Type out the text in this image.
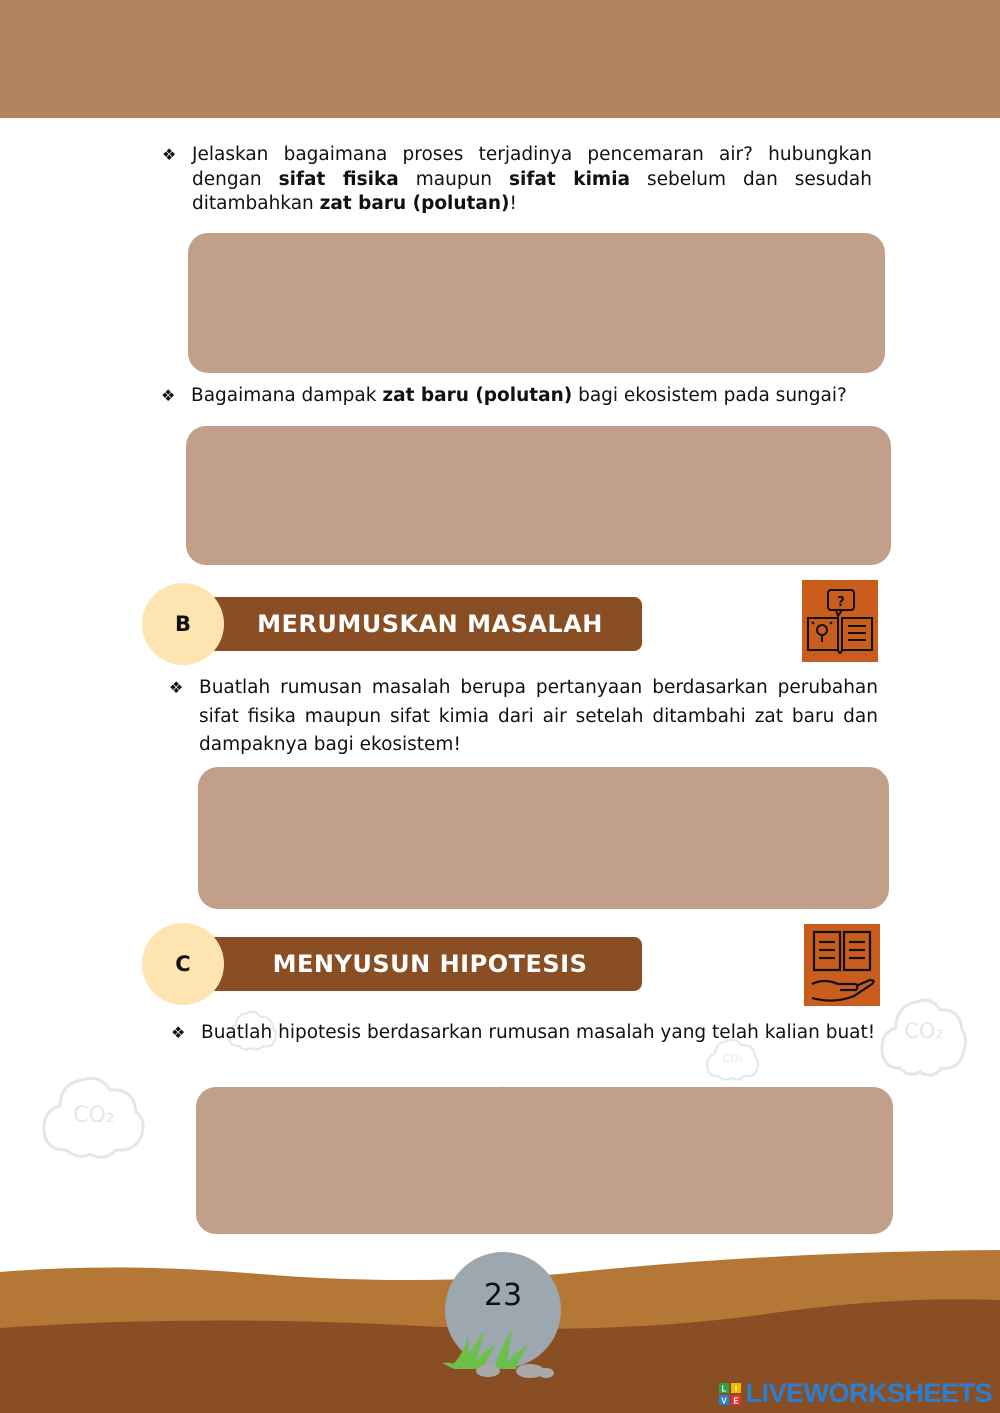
❖ Jelaskan bagaimana proses terjadinya pencemaran air? hubungkan dengan sifat fisika maupun sifat kimia sebelum dan sesudah ditambahkan zat baru (polutan)!
❖ Bagaimana dampak zat baru (polutan) bagi ekosistem pada sungai?
MERUMUSKAN MASALAH
B
?
❖ Buatlah rumusan masalah berupa pertanyaan berdasarkan perubahan sifat fisika maupun sifat kimia dari air setelah ditambahi zat baru dan dampaknya bagi ekosistem!
MENYUSUN HIPOTESIS
C
CO₂
CO₂
CO₂
❖ Buatlah hipotesis berdasarkan rumusan masalah yang telah kalian buat!
23
L I
V E LIVEWORKSHEETS
